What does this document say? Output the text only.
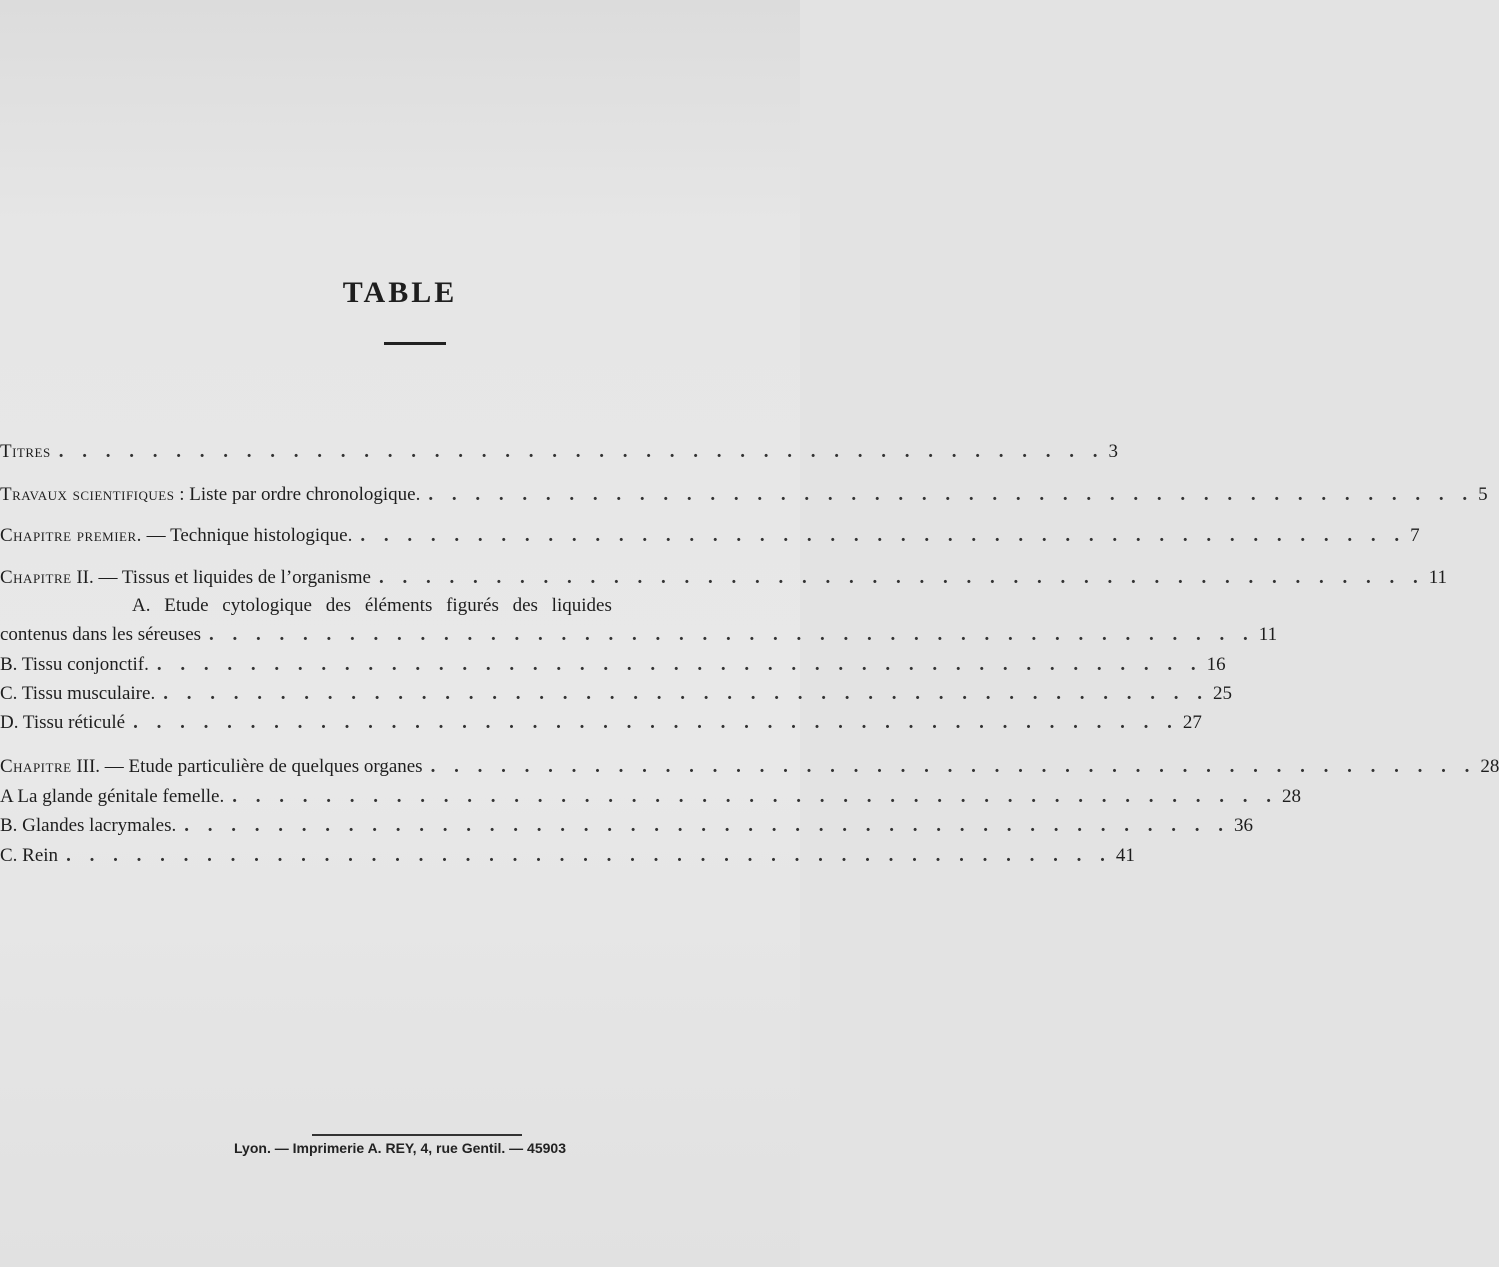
TABLE
Titres . . . . . . . . . . . . . . . . . . . . . . . . . . . . . . . . . . . . . . . . . . . . . 3
Travaux scientifiques : Liste par ordre chronologique. . . . . . . . . . . . . . . . . . . . . . . . . . . . . . . . . . . . . . . . . . . . . . 5
Chapitre premier. — Technique histologique. . . . . . . . . . . . . . . . . . . . . . . . . . . . . . . . . . . . . . . . . . . . . . 7
Chapitre II. — Tissus et liquides de l’organisme . . . . . . . . . . . . . . . . . . . . . . . . . . . . . . . . . . . . . . . . . . . . . 11
A. Etude cytologique des éléments figurés des liquides
contenus dans les séreuses . . . . . . . . . . . . . . . . . . . . . . . . . . . . . . . . . . . . . . . . . . . . . 11
B. Tissu conjonctif. . . . . . . . . . . . . . . . . . . . . . . . . . . . . . . . . . . . . . . . . . . . . . 16
C. Tissu musculaire. . . . . . . . . . . . . . . . . . . . . . . . . . . . . . . . . . . . . . . . . . . . . . 25
D. Tissu réticulé . . . . . . . . . . . . . . . . . . . . . . . . . . . . . . . . . . . . . . . . . . . . . 27
Chapitre III. — Etude particulière de quelques organes . . . . . . . . . . . . . . . . . . . . . . . . . . . . . . . . . . . . . . . . . . . . . 28
A La glande génitale femelle. . . . . . . . . . . . . . . . . . . . . . . . . . . . . . . . . . . . . . . . . . . . . . 28
B. Glandes lacrymales. . . . . . . . . . . . . . . . . . . . . . . . . . . . . . . . . . . . . . . . . . . . . . 36
C. Rein . . . . . . . . . . . . . . . . . . . . . . . . . . . . . . . . . . . . . . . . . . . . . 41
Lyon. — Imprimerie A. REY, 4, rue Gentil. — 45903
